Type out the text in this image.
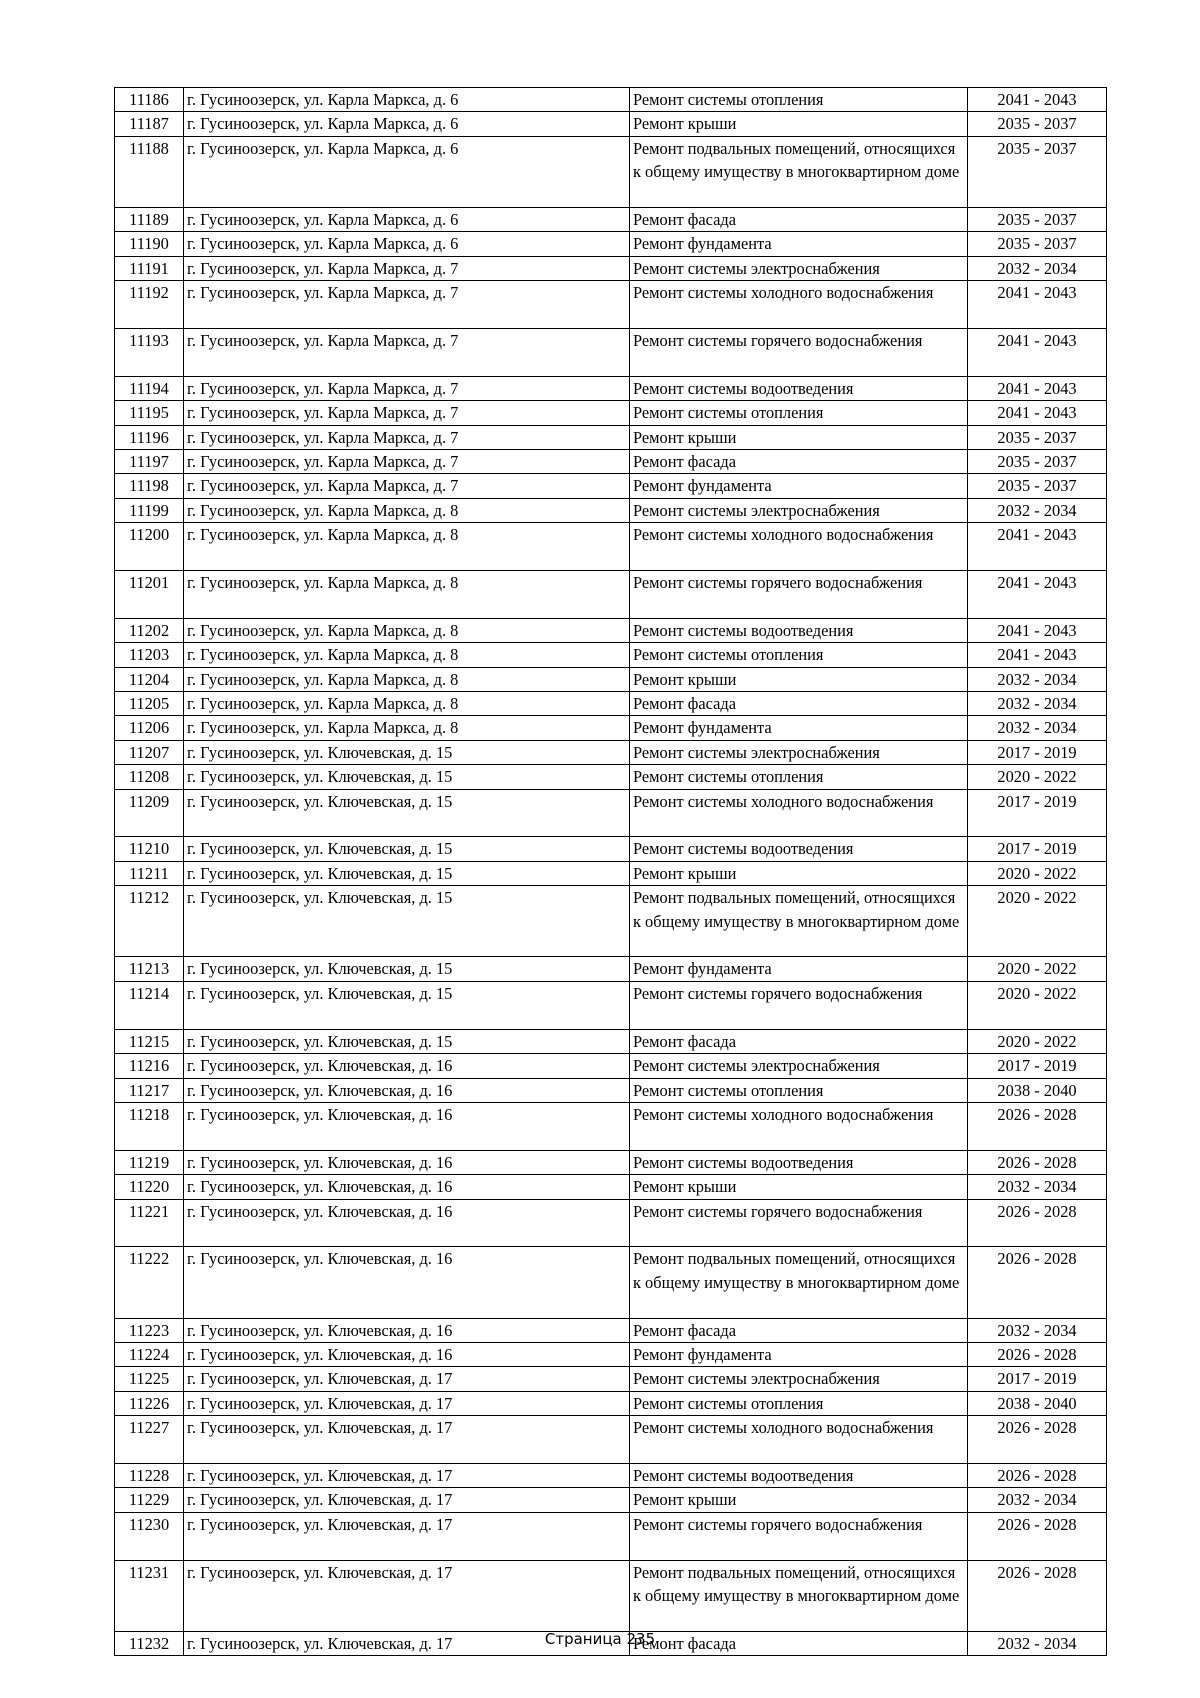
11186	г. Гусиноозерск, ул. Карла Маркса, д. 6	Ремонт системы отопления	2041 - 2043
11187	г. Гусиноозерск, ул. Карла Маркса, д. 6	Ремонт крыши	2035 - 2037
11188	г. Гусиноозерск, ул. Карла Маркса, д. 6	Ремонт подвальных помещений, относящихся к общему имуществу в многоквартирном доме	2035 - 2037
11189	г. Гусиноозерск, ул. Карла Маркса, д. 6	Ремонт фасада	2035 - 2037
11190	г. Гусиноозерск, ул. Карла Маркса, д. 6	Ремонт фундамента	2035 - 2037
11191	г. Гусиноозерск, ул. Карла Маркса, д. 7	Ремонт системы электроснабжения	2032 - 2034
11192	г. Гусиноозерск, ул. Карла Маркса, д. 7	Ремонт системы холодного водоснабжения	2041 - 2043
11193	г. Гусиноозерск, ул. Карла Маркса, д. 7	Ремонт системы горячего водоснабжения	2041 - 2043
11194	г. Гусиноозерск, ул. Карла Маркса, д. 7	Ремонт системы водоотведения	2041 - 2043
11195	г. Гусиноозерск, ул. Карла Маркса, д. 7	Ремонт системы отопления	2041 - 2043
11196	г. Гусиноозерск, ул. Карла Маркса, д. 7	Ремонт крыши	2035 - 2037
11197	г. Гусиноозерск, ул. Карла Маркса, д. 7	Ремонт фасада	2035 - 2037
11198	г. Гусиноозерск, ул. Карла Маркса, д. 7	Ремонт фундамента	2035 - 2037
11199	г. Гусиноозерск, ул. Карла Маркса, д. 8	Ремонт системы электроснабжения	2032 - 2034
11200	г. Гусиноозерск, ул. Карла Маркса, д. 8	Ремонт системы холодного водоснабжения	2041 - 2043
11201	г. Гусиноозерск, ул. Карла Маркса, д. 8	Ремонт системы горячего водоснабжения	2041 - 2043
11202	г. Гусиноозерск, ул. Карла Маркса, д. 8	Ремонт системы водоотведения	2041 - 2043
11203	г. Гусиноозерск, ул. Карла Маркса, д. 8	Ремонт системы отопления	2041 - 2043
11204	г. Гусиноозерск, ул. Карла Маркса, д. 8	Ремонт крыши	2032 - 2034
11205	г. Гусиноозерск, ул. Карла Маркса, д. 8	Ремонт фасада	2032 - 2034
11206	г. Гусиноозерск, ул. Карла Маркса, д. 8	Ремонт фундамента	2032 - 2034
11207	г. Гусиноозерск, ул. Ключевская, д. 15	Ремонт системы электроснабжения	2017 - 2019
11208	г. Гусиноозерск, ул. Ключевская, д. 15	Ремонт системы отопления	2020 - 2022
11209	г. Гусиноозерск, ул. Ключевская, д. 15	Ремонт системы холодного водоснабжения	2017 - 2019
11210	г. Гусиноозерск, ул. Ключевская, д. 15	Ремонт системы водоотведения	2017 - 2019
11211	г. Гусиноозерск, ул. Ключевская, д. 15	Ремонт крыши	2020 - 2022
11212	г. Гусиноозерск, ул. Ключевская, д. 15	Ремонт подвальных помещений, относящихся к общему имуществу в многоквартирном доме	2020 - 2022
11213	г. Гусиноозерск, ул. Ключевская, д. 15	Ремонт фундамента	2020 - 2022
11214	г. Гусиноозерск, ул. Ключевская, д. 15	Ремонт системы горячего водоснабжения	2020 - 2022
11215	г. Гусиноозерск, ул. Ключевская, д. 15	Ремонт фасада	2020 - 2022
11216	г. Гусиноозерск, ул. Ключевская, д. 16	Ремонт системы электроснабжения	2017 - 2019
11217	г. Гусиноозерск, ул. Ключевская, д. 16	Ремонт системы отопления	2038 - 2040
11218	г. Гусиноозерск, ул. Ключевская, д. 16	Ремонт системы холодного водоснабжения	2026 - 2028
11219	г. Гусиноозерск, ул. Ключевская, д. 16	Ремонт системы водоотведения	2026 - 2028
11220	г. Гусиноозерск, ул. Ключевская, д. 16	Ремонт крыши	2032 - 2034
11221	г. Гусиноозерск, ул. Ключевская, д. 16	Ремонт системы горячего водоснабжения	2026 - 2028
11222	г. Гусиноозерск, ул. Ключевская, д. 16	Ремонт подвальных помещений, относящихся к общему имуществу в многоквартирном доме	2026 - 2028
11223	г. Гусиноозерск, ул. Ключевская, д. 16	Ремонт фасада	2032 - 2034
11224	г. Гусиноозерск, ул. Ключевская, д. 16	Ремонт фундамента	2026 - 2028
11225	г. Гусиноозерск, ул. Ключевская, д. 17	Ремонт системы электроснабжения	2017 - 2019
11226	г. Гусиноозерск, ул. Ключевская, д. 17	Ремонт системы отопления	2038 - 2040
11227	г. Гусиноозерск, ул. Ключевская, д. 17	Ремонт системы холодного водоснабжения	2026 - 2028
11228	г. Гусиноозерск, ул. Ключевская, д. 17	Ремонт системы водоотведения	2026 - 2028
11229	г. Гусиноозерск, ул. Ключевская, д. 17	Ремонт крыши	2032 - 2034
11230	г. Гусиноозерск, ул. Ключевская, д. 17	Ремонт системы горячего водоснабжения	2026 - 2028
11231	г. Гусиноозерск, ул. Ключевская, д. 17	Ремонт подвальных помещений, относящихся к общему имуществу в многоквартирном доме	2026 - 2028
11232	г. Гусиноозерск, ул. Ключевская, д. 17	Ремонт фасада	2032 - 2034
Страница 235
